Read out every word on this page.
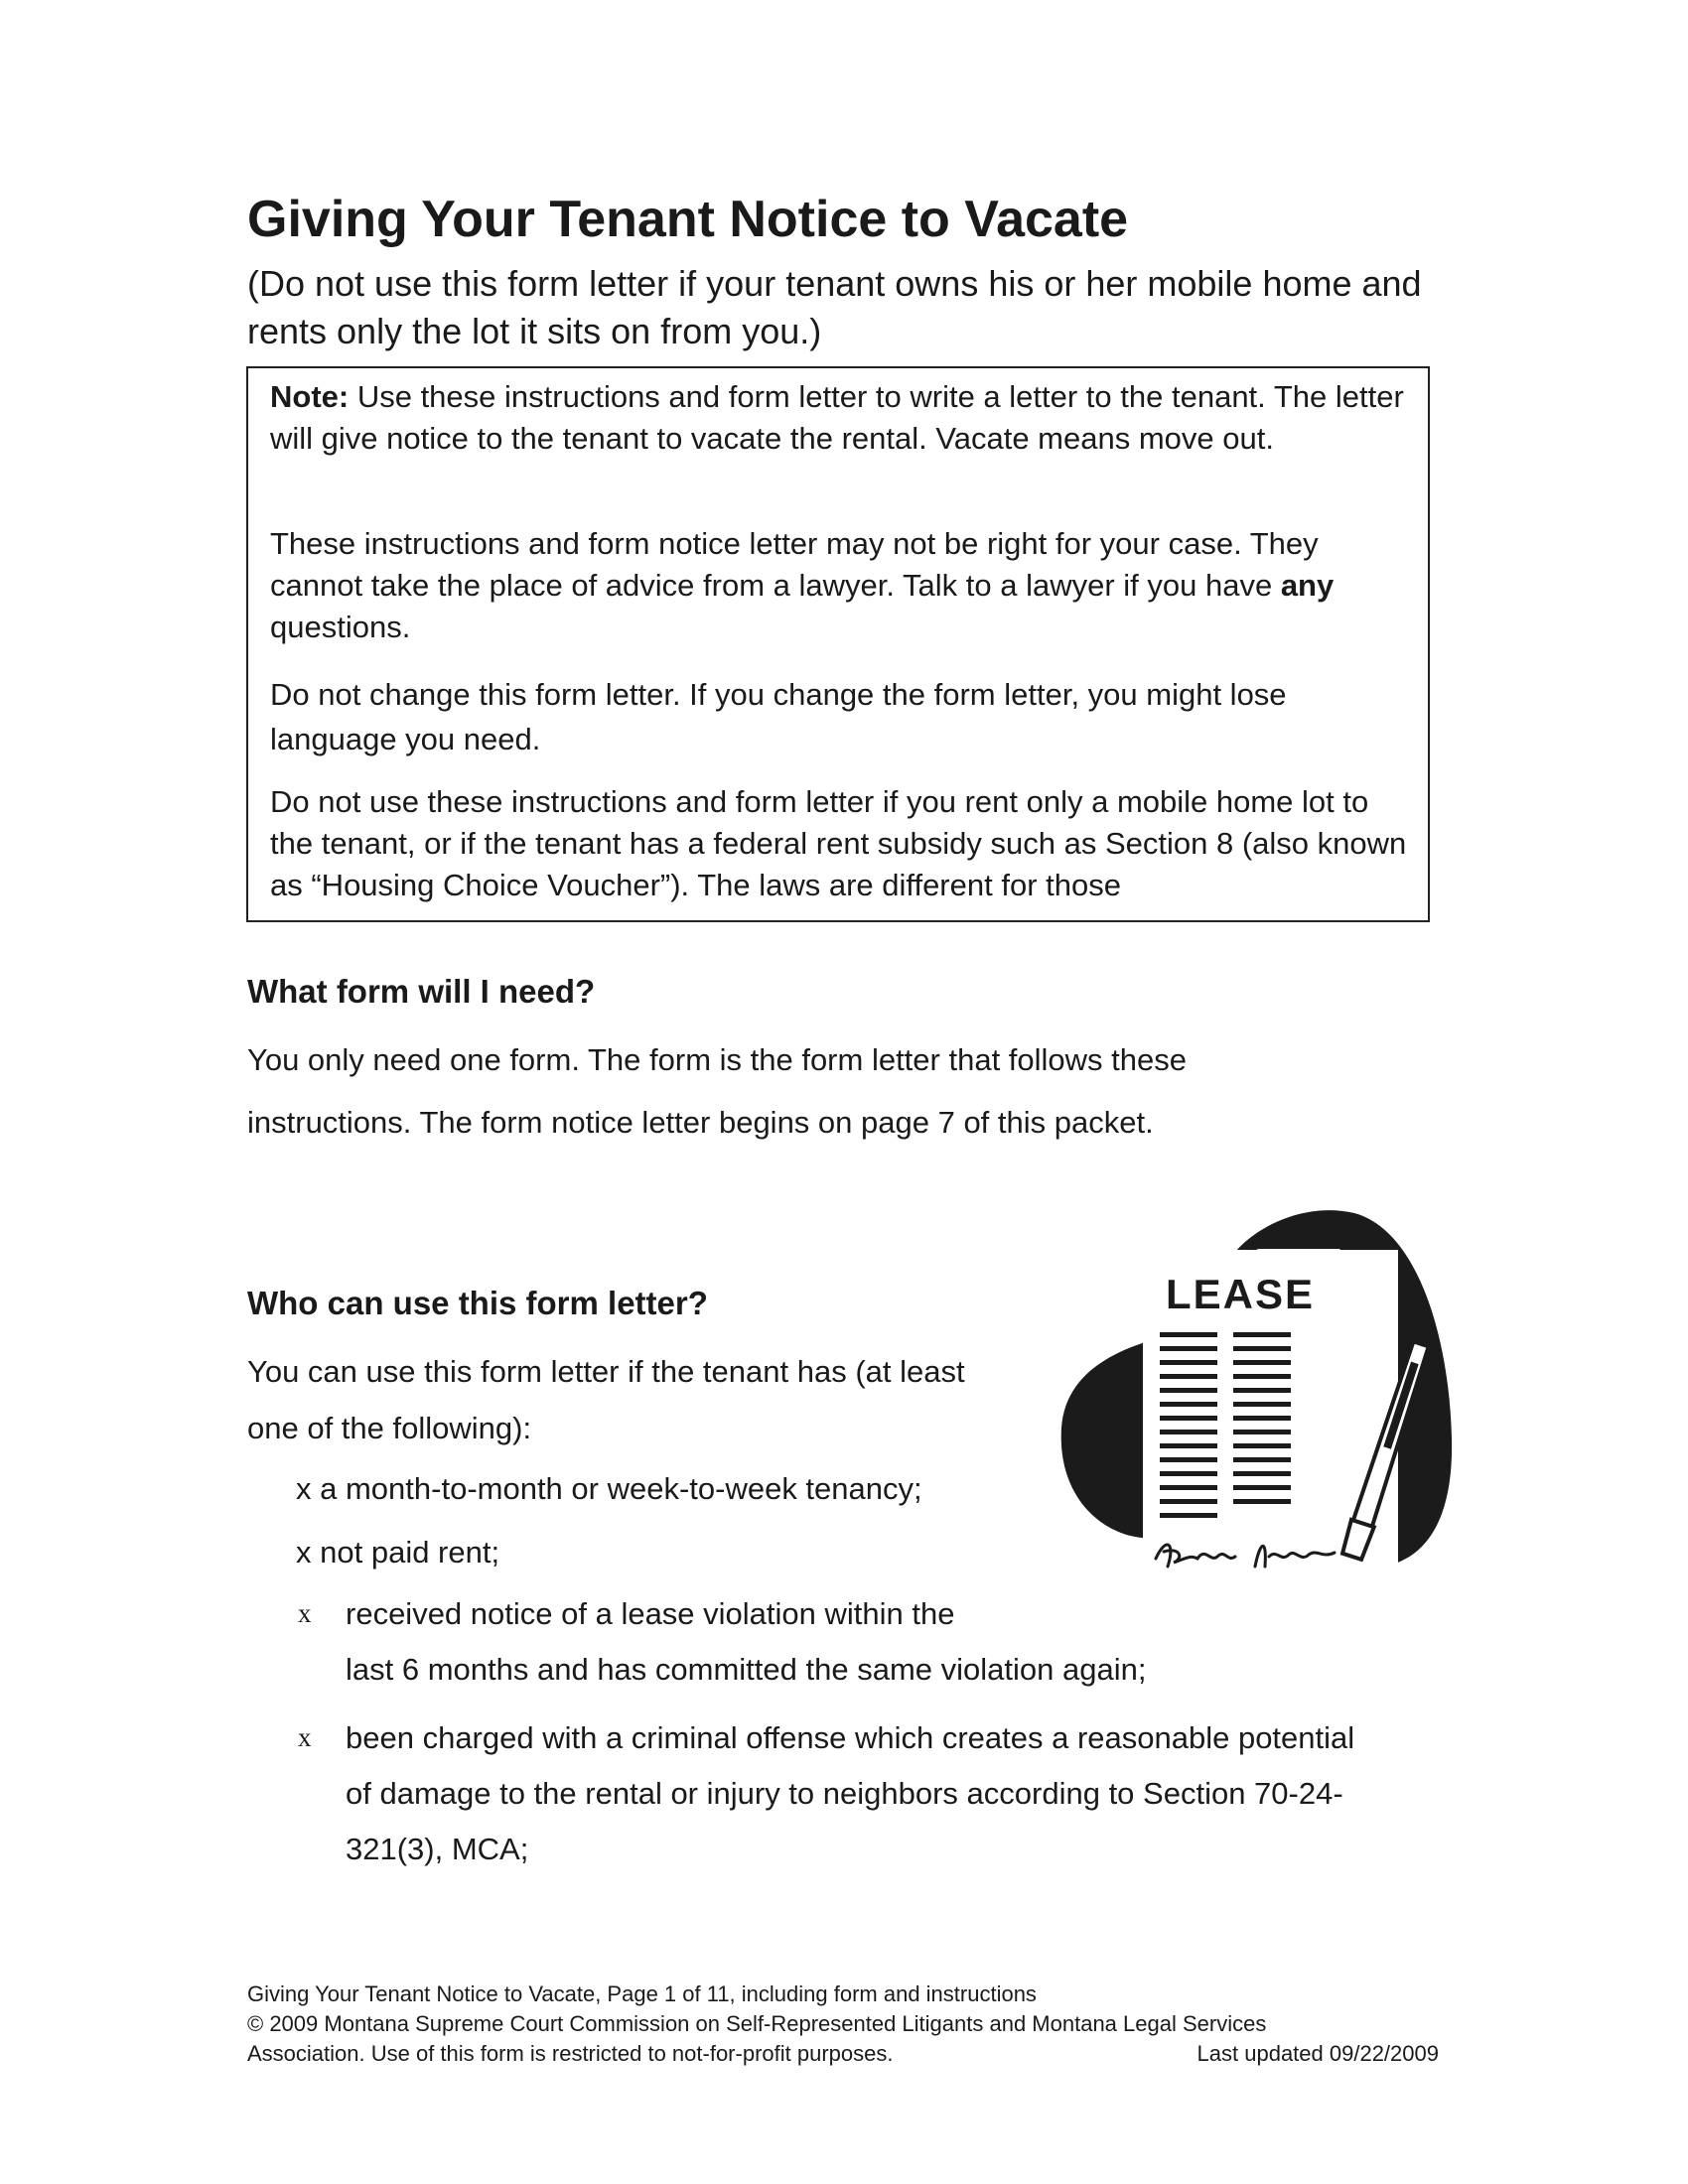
Giving Your Tenant Notice to Vacate

(Do not use this form letter if your tenant owns his or her mobile home and rents only the lot it sits on from you.)

Note: Use these instructions and form letter to write a letter to the tenant. The letter will give notice to the tenant to vacate the rental. Vacate means move out.

These instructions and form notice letter may not be right for your case. They cannot take the place of advice from a lawyer. Talk to a lawyer if you have any questions.

Do not change this form letter. If you change the form letter, you might lose language you need.

Do not use these instructions and form letter if you rent only a mobile home lot to the tenant, or if the tenant has a federal rent subsidy such as Section 8 (also known as “Housing Choice Voucher”). The laws are different for those

What form will I need?

You only need one form. The form is the form letter that follows these

instructions. The form notice letter begins on page 7 of this packet.

Who can use this form letter?

You can use this form letter if the tenant has (at least

one of the following):

x a month-to-month or week-to-week tenancy;
x not paid rent;
x received notice of a lease violation within the
last 6 months and has committed the same violation again;
x been charged with a criminal offense which creates a reasonable potential
of damage to the rental or injury to neighbors according to Section 70-24-
321(3), MCA;
LEASE
Giving Your Tenant Notice to Vacate, Page 1 of 11, including form and instructions
© 2009 Montana Supreme Court Commission on Self-Represented Litigants and Montana Legal Services
Association. Use of this form is restricted to not-for-profit purposes.	Last updated 09/22/2009
